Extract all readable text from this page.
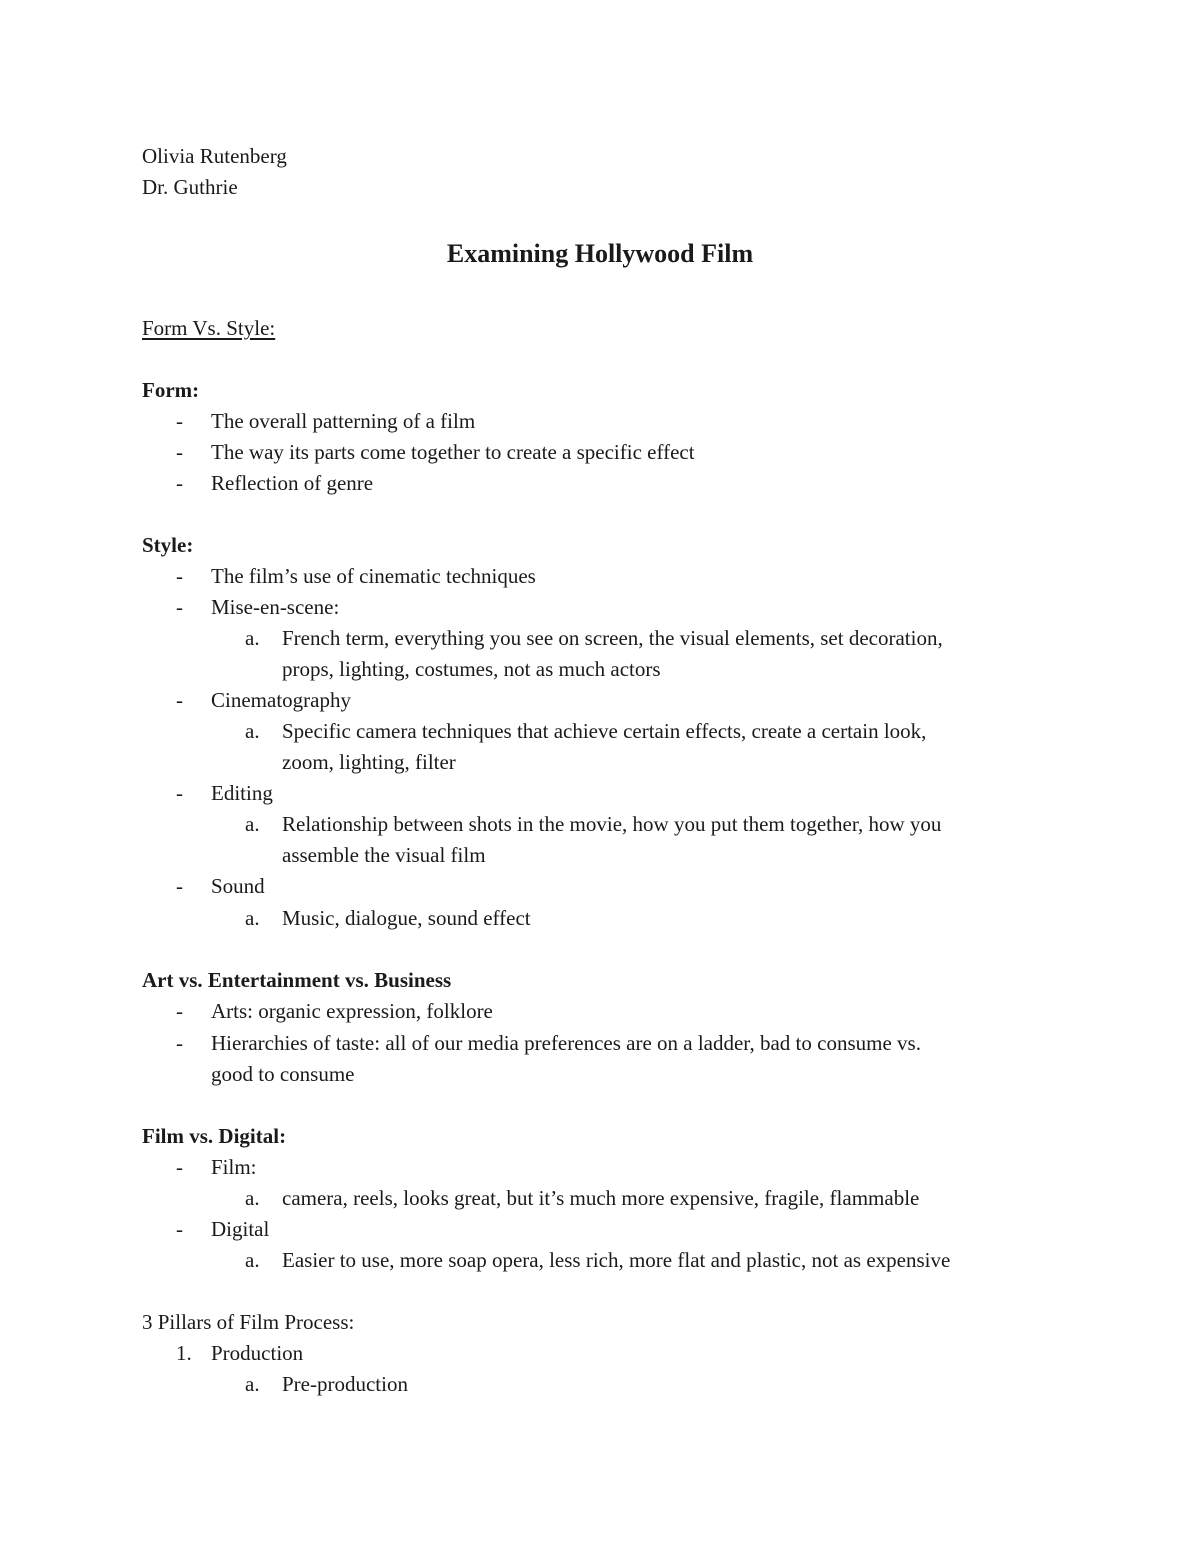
Olivia Rutenberg
Dr. Guthrie
Examining Hollywood Film
Form Vs. Style:
Form:
-	The overall patterning of a film
-	The way its parts come together to create a specific effect
-	Reflection of genre
Style:
-	The film’s use of cinematic techniques
-	Mise-en-scene:
a.	French term, everything you see on screen, the visual elements, set decoration,
props, lighting, costumes, not as much actors
-	Cinematography
a.	Specific camera techniques that achieve certain effects, create a certain look,
zoom, lighting, filter
-	Editing
a.	Relationship between shots in the movie, how you put them together, how you
assemble the visual film
-	Sound
a.	Music, dialogue, sound effect
Art vs. Entertainment vs. Business
-	Arts: organic expression, folklore
-	Hierarchies of taste: all of our media preferences are on a ladder, bad to consume vs.
good to consume
Film vs. Digital:
-	Film:
a.	camera, reels, looks great, but it’s much more expensive, fragile, flammable
-	Digital
a.	Easier to use, more soap opera, less rich, more flat and plastic, not as expensive
3 Pillars of Film Process:
1. Production
a.	Pre-production
